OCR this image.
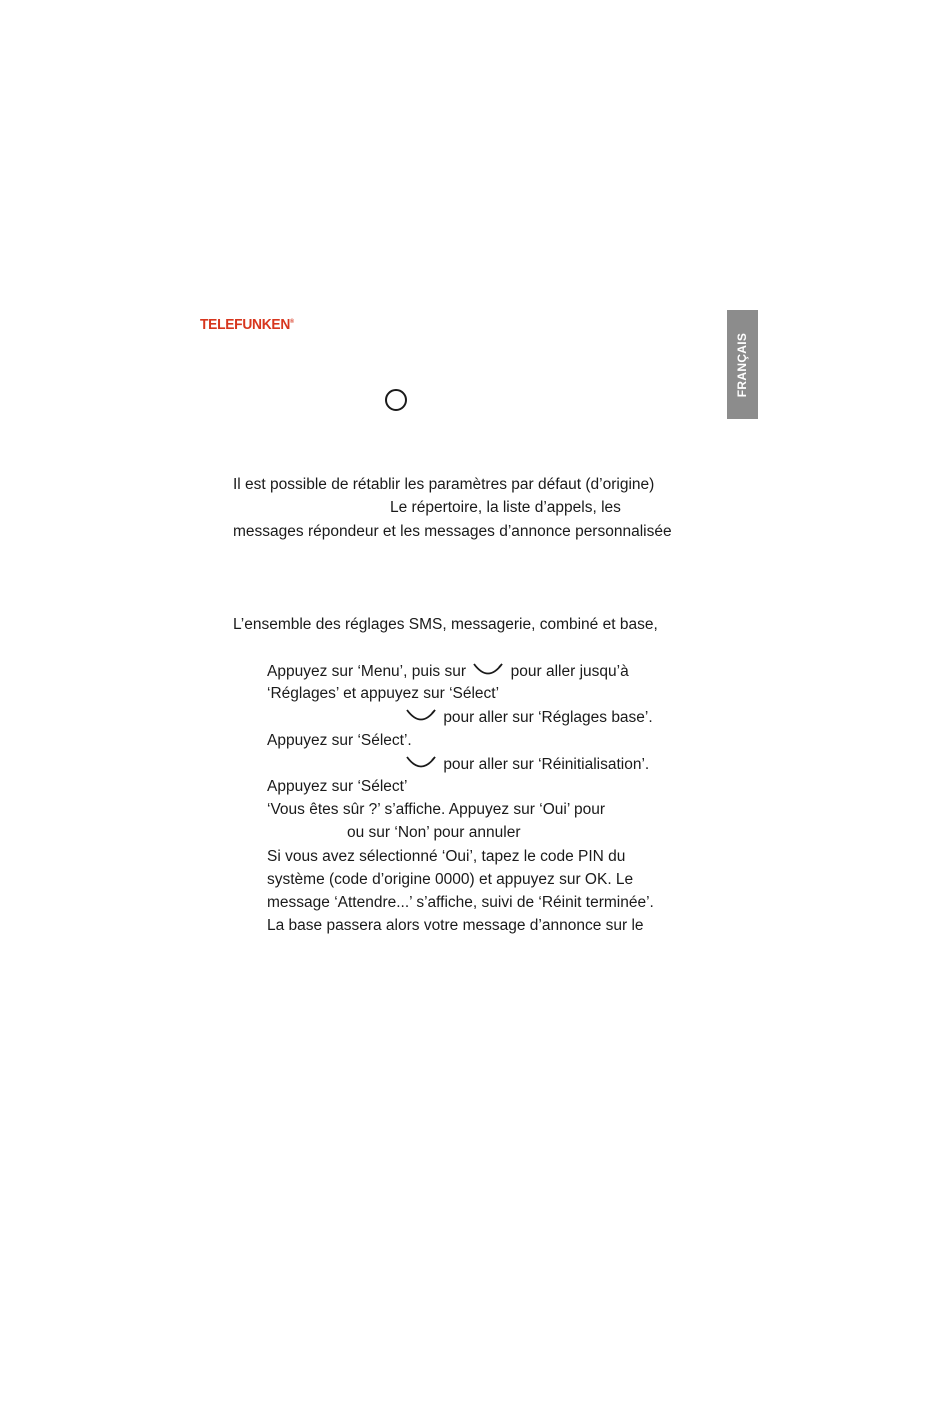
TELEFUNKEN®
FRANÇAIS
Il est possible de rétablir les paramètres par défaut (d’origine)
Le répertoire, la liste d’appels, les
messages répondeur et les messages d’annonce personnalisée
L’ensemble des réglages SMS, messagerie, combiné et base,
Appuyez sur ‘Menu’, puis sur	pour aller jusqu’à
‘Réglages’ et appuyez sur ‘Sélect’
pour aller sur ‘Réglages base’.
Appuyez sur ‘Sélect’.
pour aller sur ‘Réinitialisation’.
Appuyez sur ‘Sélect’
‘Vous êtes sûr ?’ s’affiche. Appuyez sur ‘Oui’ pour
ou sur ‘Non’ pour annuler
Si vous avez sélectionné ‘Oui’, tapez le code PIN du
système (code d’origine 0000) et appuyez sur OK. Le
message ‘Attendre...’ s’affiche, suivi de ‘Réinit terminée’.
La base passera alors votre message d’annonce sur le
